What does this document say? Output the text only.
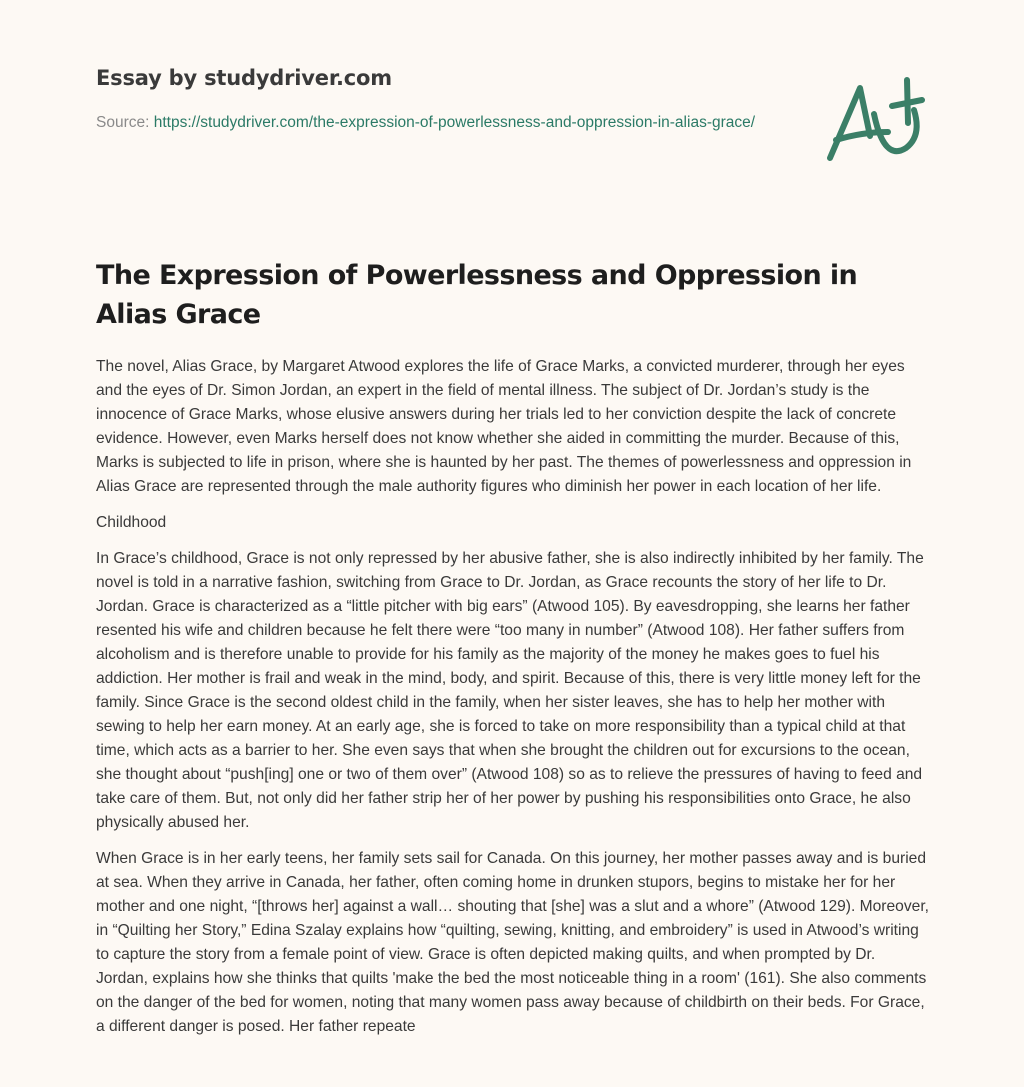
Essay by studydriver.com
Source: https://studydriver.com/the-expression-of-powerlessness-and-oppression-in-alias-grace/
The Expression of Powerlessness and Oppression in Alias Grace

The novel, Alias Grace, by Margaret Atwood explores the life of Grace Marks, a convicted murderer, through her eyes and the eyes of Dr. Simon Jordan, an expert in the field of mental illness. The subject of Dr. Jordan’s study is the innocence of Grace Marks, whose elusive answers during her trials led to her conviction despite the lack of concrete evidence. However, even Marks herself does not know whether she aided in committing the murder. Because of this, Marks is subjected to life in prison, where she is haunted by her past. The themes of powerlessness and oppression in Alias Grace are represented through the male authority figures who diminish her power in each location of her life.

Childhood

In Grace’s childhood, Grace is not only repressed by her abusive father, she is also indirectly inhibited by her family. The novel is told in a narrative fashion, switching from Grace to Dr. Jordan, as Grace recounts the story of her life to Dr. Jordan. Grace is characterized as a “little pitcher with big ears” (Atwood 105). By eavesdropping, she learns her father resented his wife and children because he felt there were “too many in number” (Atwood 108). Her father suffers from alcoholism and is therefore unable to provide for his family as the majority of the money he makes goes to fuel his addiction. Her mother is frail and weak in the mind, body, and spirit. Because of this, there is very little money left for the family. Since Grace is the second oldest child in the family, when her sister leaves, she has to help her mother with sewing to help her earn money. At an early age, she is forced to take on more responsibility than a typical child at that time, which acts as a barrier to her. She even says that when she brought the children out for excursions to the ocean, she thought about “push[ing] one or two of them over” (Atwood 108) so as to relieve the pressures of having to feed and take care of them. But, not only did her father strip her of her power by pushing his responsibilities onto Grace, he also physically abused her.

When Grace is in her early teens, her family sets sail for Canada. On this journey, her mother passes away and is buried at sea. When they arrive in Canada, her father, often coming home in drunken stupors, begins to mistake her for her mother and one night, “[throws her] against a wall… shouting that [she] was a slut and a whore” (Atwood 129). Moreover, in “Quilting her Story,” Edina Szalay explains how “quilting, sewing, knitting, and embroidery” is used in Atwood’s writing to capture the story from a female point of view. Grace is often depicted making quilts, and when prompted by Dr. Jordan, explains how she thinks that quilts 'make the bed the most noticeable thing in a room' (161). She also comments on the danger of the bed for women, noting that many women pass away because of childbirth on their beds. For Grace, a different danger is posed. Her father repeate
